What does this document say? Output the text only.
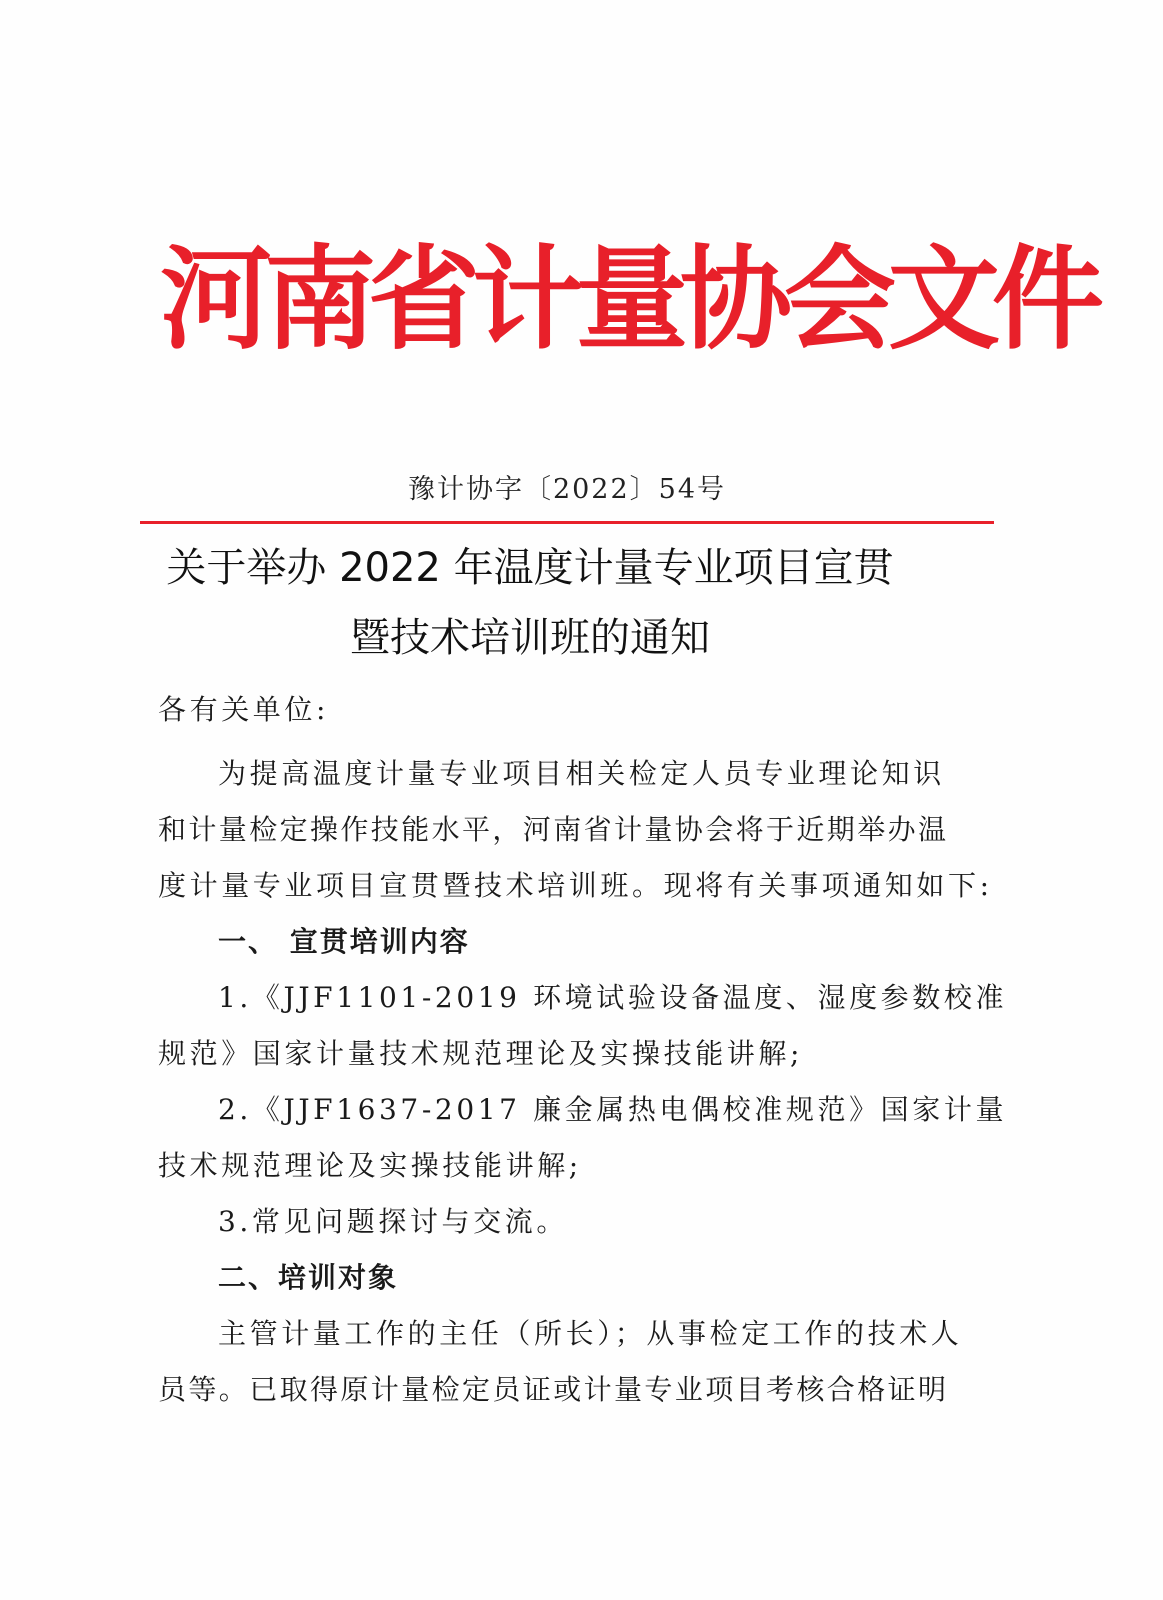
河南省计量协会文件
豫计协字〔2022〕54号
关于举办 2022 年温度计量专业项目宣贯
暨技术培训班的通知
各有关单位:
为提高温度计量专业项目相关检定人员专业理论知识
和计量检定操作技能水平，河南省计量协会将于近期举办温
度计量专业项目宣贯暨技术培训班。现将有关事项通知如下:
一、 宣贯培训内容
1.《JJF1101-2019 环境试验设备温度、湿度参数校准
规范》国家计量技术规范理论及实操技能讲解;
2.《JJF1637-2017 廉金属热电偶校准规范》国家计量
技术规范理论及实操技能讲解;
3.常见问题探讨与交流。
二、培训对象
主管计量工作的主任（所长）；从事检定工作的技术人
员等。已取得原计量检定员证或计量专业项目考核合格证明
